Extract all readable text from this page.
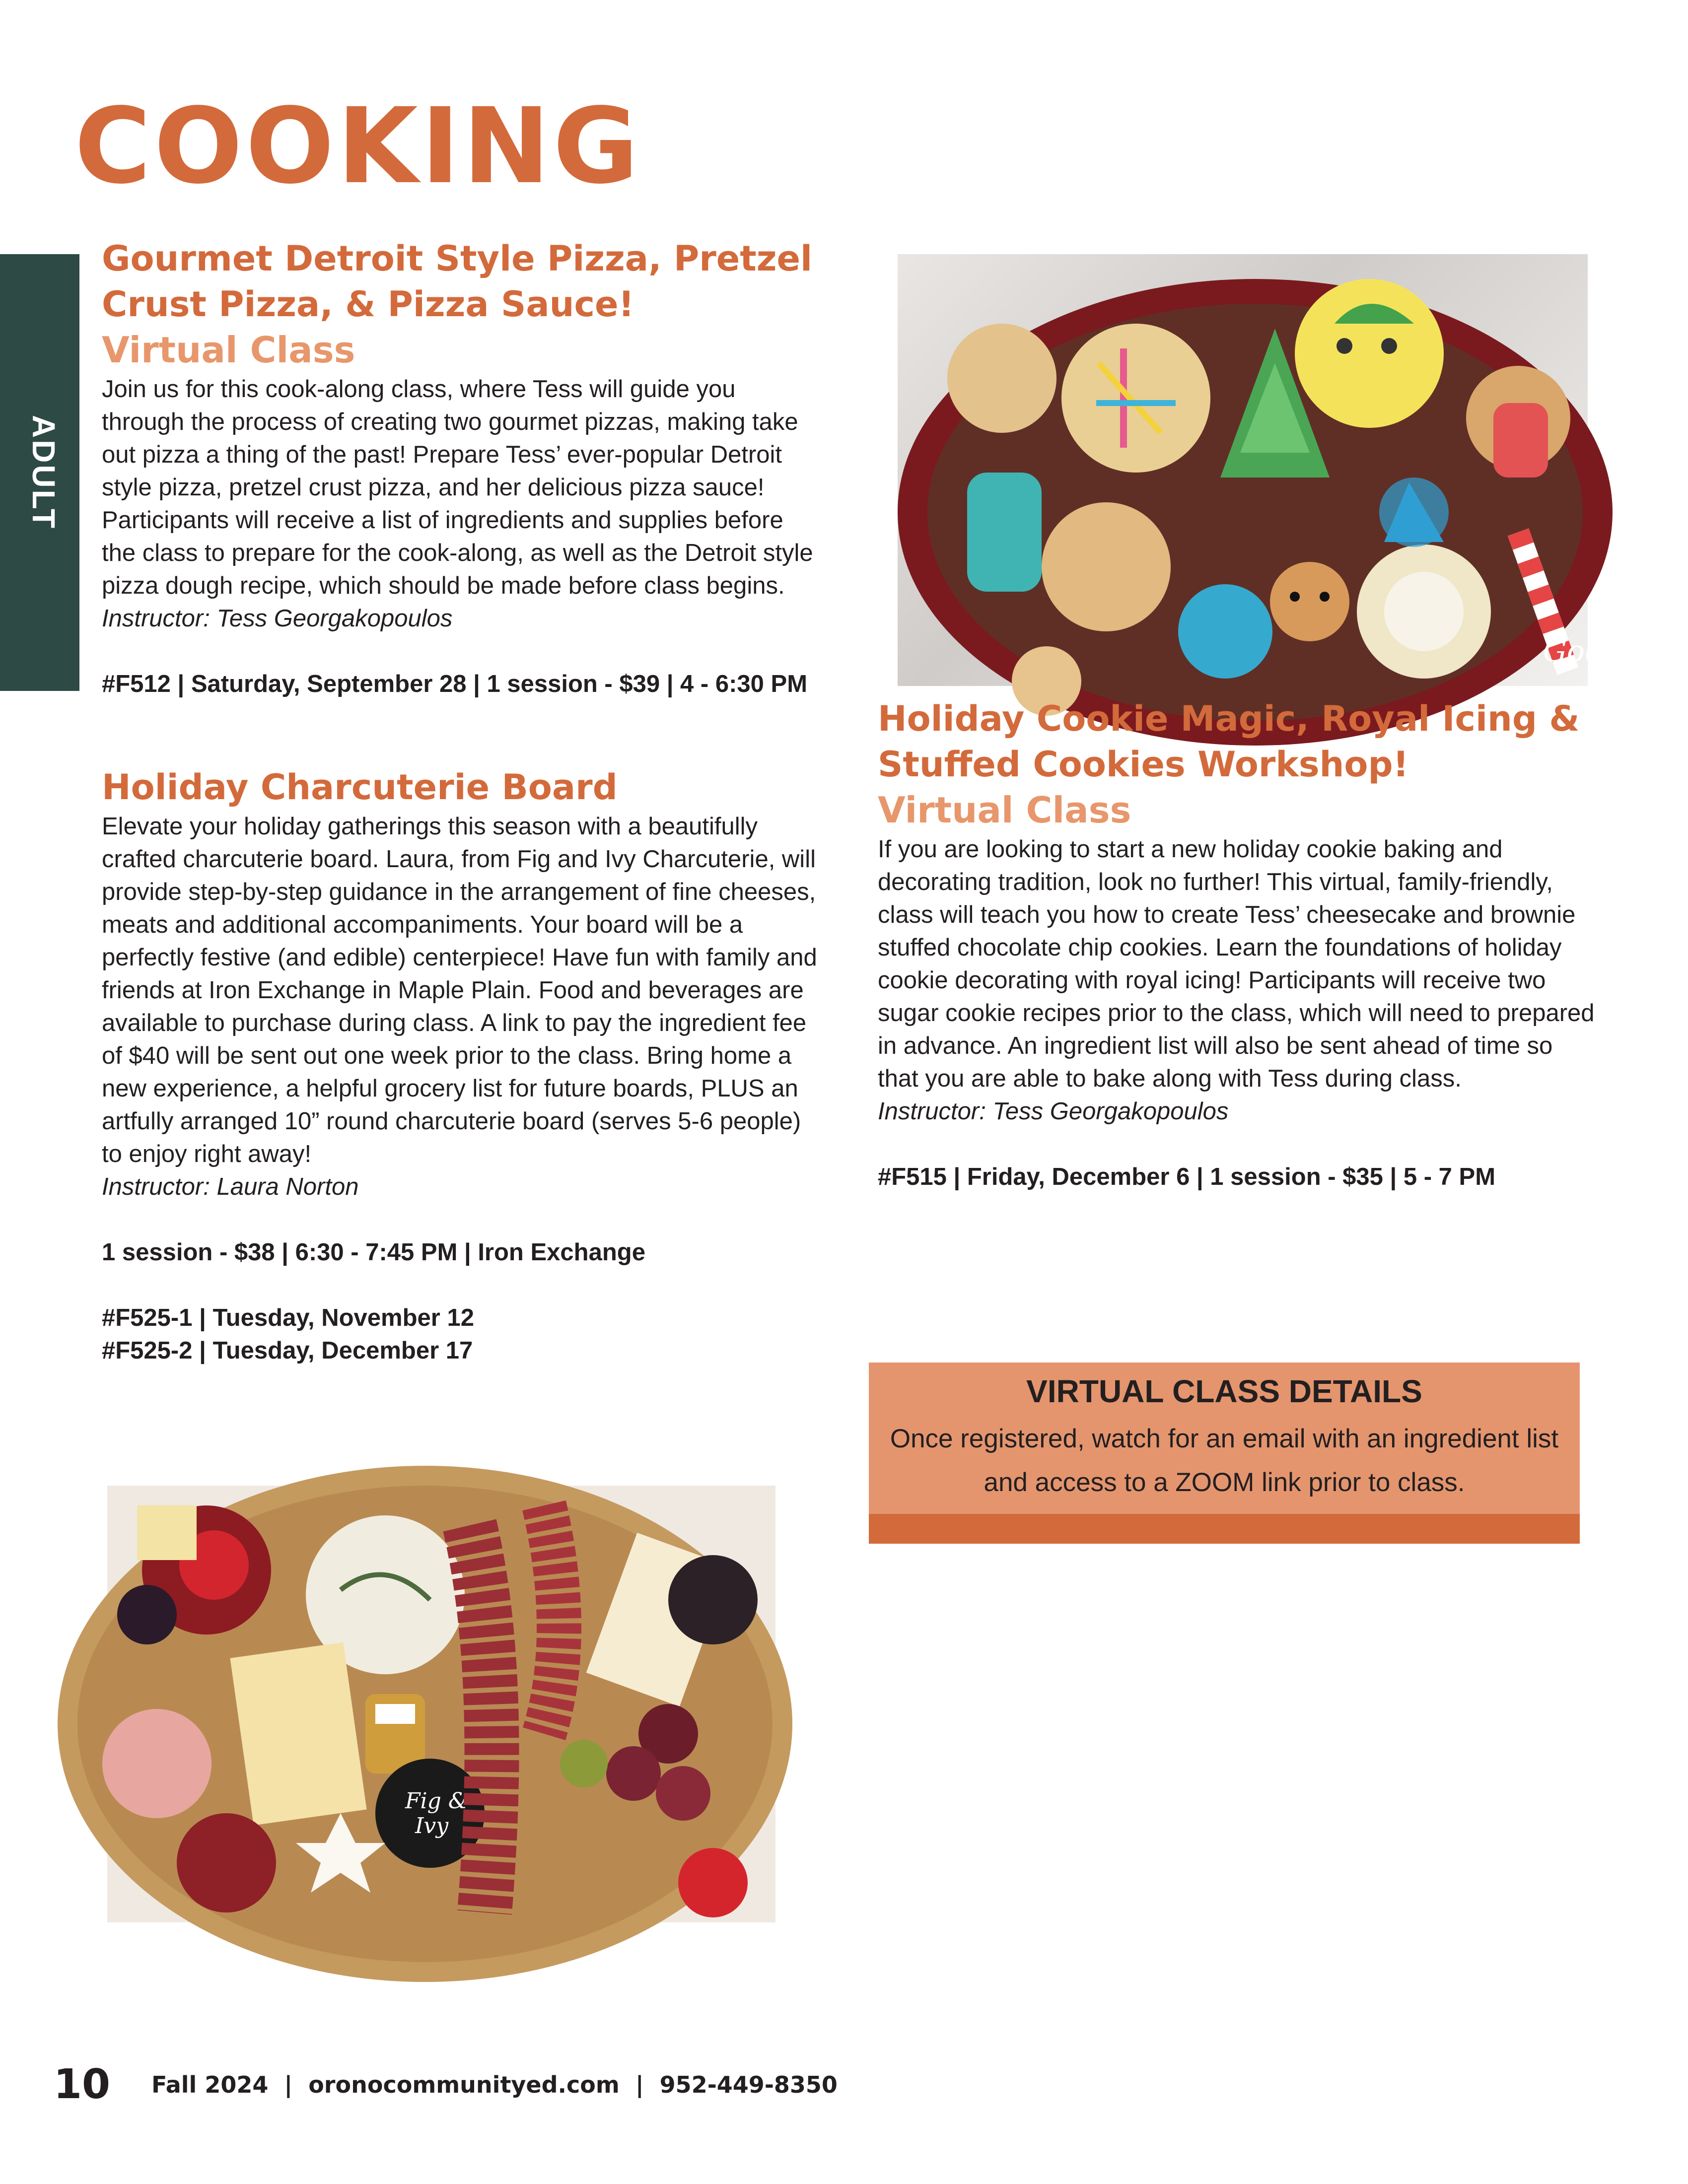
COOKING
ADULT
Gourmet Detroit Style Pizza, Pretzel
Crust Pizza, & Pizza Sauce!
Virtual Class
Join us for this cook-along class, where Tess will guide you through the process of creating two gourmet pizzas, making take out pizza a thing of the past! Prepare Tess’ ever-popular Detroit style pizza, pretzel crust pizza, and her delicious pizza sauce! Participants will receive a list of ingredients and supplies before the class to prepare for the cook-along, as well as the Detroit style pizza dough recipe, which should be made before class begins.
Instructor: Tess Georgakopoulos
#F512 | Saturday, September 28 | 1 session - $39 | 4 - 6:30 PM
Holiday Charcuterie Board
Elevate your holiday gatherings this season with a beautifully crafted charcuterie board. Laura, from Fig and Ivy Charcuterie, will provide step-by-step guidance in the arrangement of fine cheeses, meats and additional accompaniments. Your board will be a perfectly festive (and edible) centerpiece! Have fun with family and friends at Iron Exchange in Maple Plain. Food and beverages are available to purchase during class. A link to pay the ingredient fee of $40 will be sent out one week prior to the class. Bring home a new experience, a helpful grocery list for future boards, PLUS an artfully arranged 10” round charcuterie board (serves 5-6 people) to enjoy right away!
Instructor: Laura Norton
1 session - $38 | 6:30 - 7:45 PM | Iron Exchange
#F525-1 | Tuesday, November 12
#F525-2 | Tuesday, December 17
Good
Holiday Cookie Magic, Royal Icing &
Stuffed Cookies Workshop!
Virtual Class
If you are looking to start a new holiday cookie baking and decorating tradition, look no further! This virtual, family-friendly, class will teach you how to create Tess’ cheesecake and brownie stuffed chocolate chip cookies. Learn the foundations of holiday cookie decorating with royal icing! Participants will receive two sugar cookie recipes prior to the class, which will need to prepared in advance. An ingredient list will also be sent ahead of time so that you are able to bake along with Tess during class.
Instructor: Tess Georgakopoulos
#F515 | Friday, December 6 | 1 session - $35 | 5 - 7 PM
VIRTUAL CLASS DETAILS
Once registered, watch for an email with an ingredient list and access to a ZOOM link prior to class.
Fig &
Ivy
10 Fall 2024  |  oronocommunityed.com  |  952-449-8350
